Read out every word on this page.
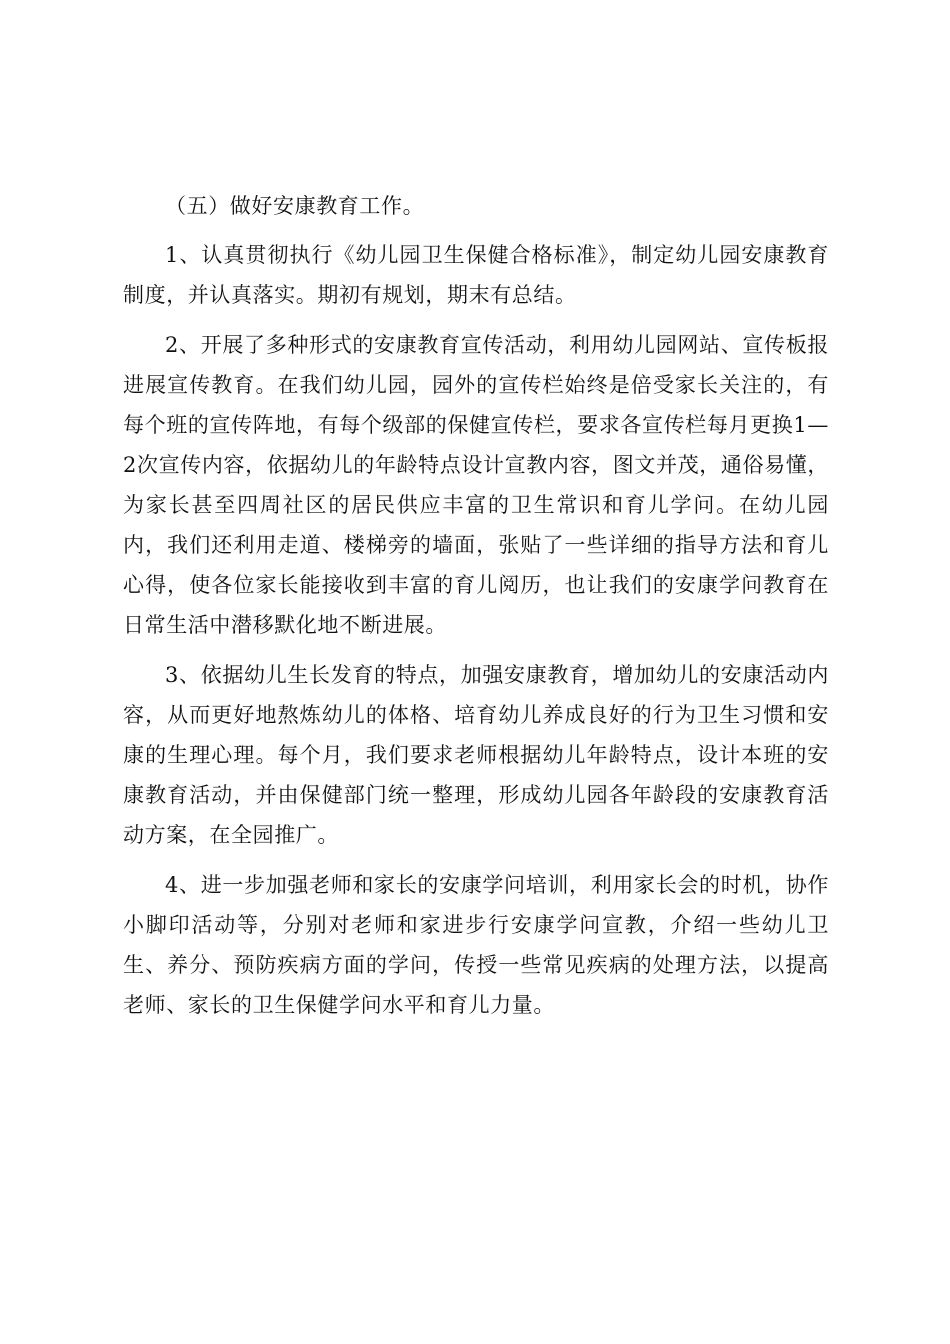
（五）做好安康教育工作。

1、认真贯彻执行《幼儿园卫生保健合格标准》，制定幼儿园安康教育制度，并认真落实。期初有规划，期末有总结。

2、开展了多种形式的安康教育宣传活动，利用幼儿园网站、宣传板报进展宣传教育。在我们幼儿园，园外的宣传栏始终是倍受家长关注的，有每个班的宣传阵地，有每个级部的保健宣传栏，要求各宣传栏每月更换1—2次宣传内容，依据幼儿的年龄特点设计宣教内容，图文并茂，通俗易懂，为家长甚至四周社区的居民供应丰富的卫生常识和育儿学问。在幼儿园内，我们还利用走道、楼梯旁的墙面，张贴了一些详细的指导方法和育儿心得，使各位家长能接收到丰富的育儿阅历，也让我们的安康学问教育在日常生活中潜移默化地不断进展。

3、依据幼儿生长发育的特点，加强安康教育，增加幼儿的安康活动内容，从而更好地熬炼幼儿的体格、培育幼儿养成良好的行为卫生习惯和安康的生理心理。每个月，我们要求老师根据幼儿年龄特点，设计本班的安康教育活动，并由保健部门统一整理，形成幼儿园各年龄段的安康教育活动方案，在全园推广。

4、进一步加强老师和家长的安康学问培训，利用家长会的时机，协作小脚印活动等，分别对老师和家进步行安康学问宣教，介绍一些幼儿卫生、养分、预防疾病方面的学问，传授一些常见疾病的处理方法，以提高老师、家长的卫生保健学问水平和育儿力量。
